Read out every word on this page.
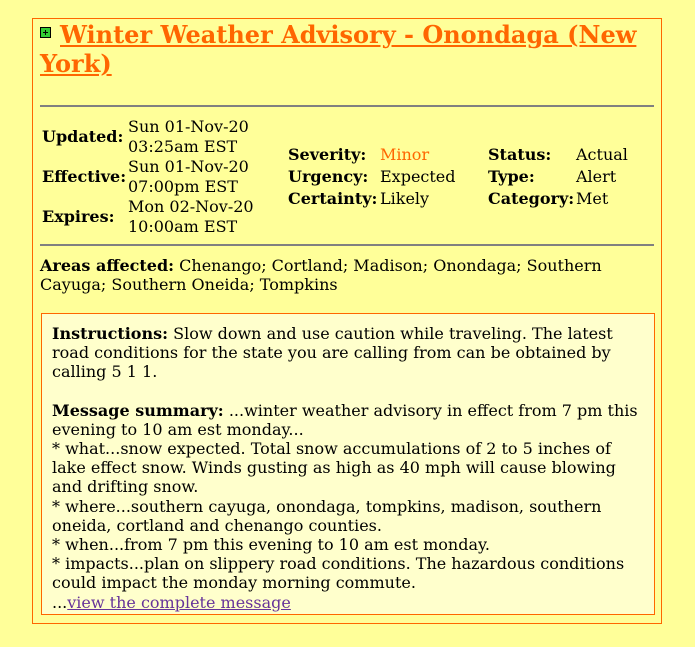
Winter Weather Advisory - Onondaga (New York)
Updated:
Sun 01-Nov-20
03:25am EST
Effective:
Sun 01-Nov-20
07:00pm EST
Expires:
Mon 02-Nov-20
10:00am EST
Severity: Minor
Urgency: Expected
Certainty: Likely
Status: Actual
Type:	Alert
Category: Met
Areas affected: Chenango; Cortland; Madison; Onondaga; Southern Cayuga; Southern Oneida; Tompkins

Instructions: Slow down and use caution while traveling. The latest road conditions for the state you are calling from can be obtained by calling 5 1 1.

Message summary: ...winter weather advisory in effect from 7 pm this evening to 10 am est monday...

* what...snow expected. Total snow accumulations of 2 to 5 inches of lake effect snow. Winds gusting as high as 40 mph will cause blowing and drifting snow.

* where...southern cayuga, onondaga, tompkins, madison, southern oneida, cortland and chenango counties.

* when...from 7 pm this evening to 10 am est monday.

* impacts...plan on slippery road conditions. The hazardous conditions could impact the monday morning commute.

...view the complete message
